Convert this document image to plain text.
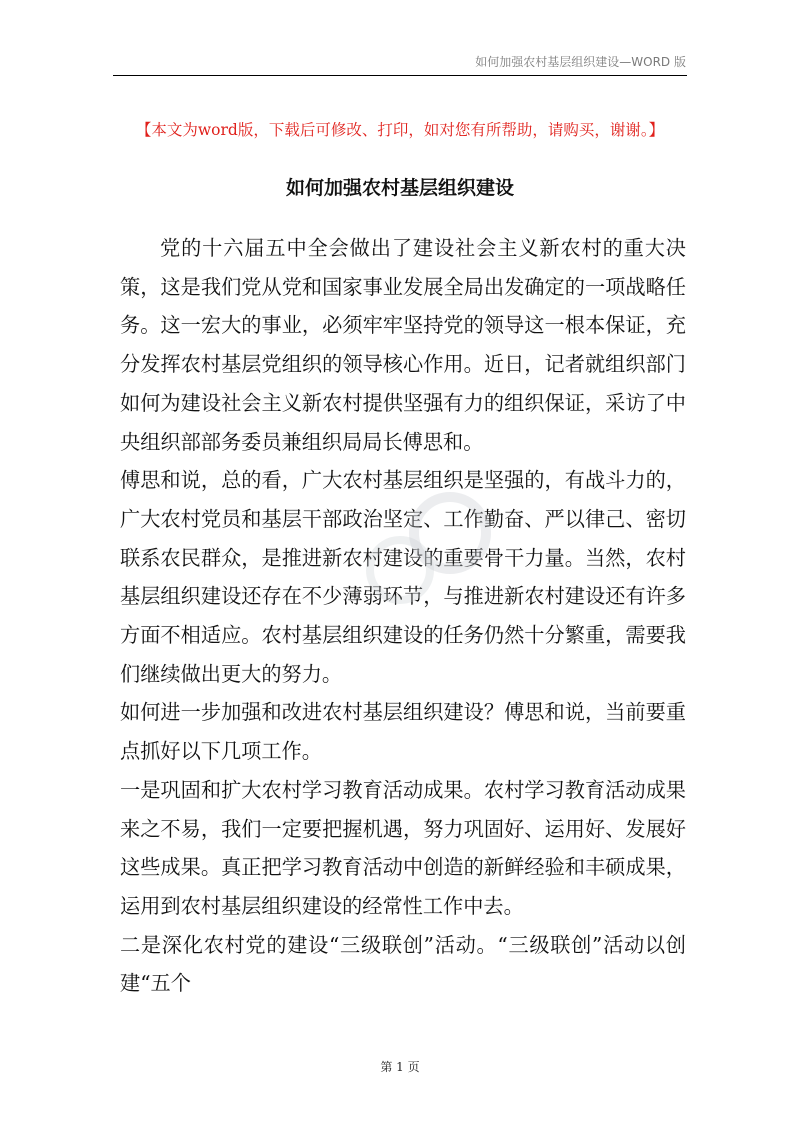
如何加强农村基层组织建设—WORD 版
【本文为word版，下载后可修改、打印，如对您有所帮助，请购买，谢谢。】
如何加强农村基层组织建设

党的十六届五中全会做出了建设社会主义新农村的重大决策，这是我们党从党和国家事业发展全局出发确定的一项战略任务。这一宏大的事业，必须牢牢坚持党的领导这一根本保证，充分发挥农村基层党组织的领导核心作用。近日，记者就组织部门如何为建设社会主义新农村提供坚强有力的组织保证，采访了中央组织部部务委员兼组织局局长傅思和。

傅思和说，总的看，广大农村基层组织是坚强的，有战斗力的，广大农村党员和基层干部政治坚定、工作勤奋、严以律己、密切联系农民群众，是推进新农村建设的重要骨干力量。当然，农村基层组织建设还存在不少薄弱环节，与推进新农村建设还有许多方面不相适应。农村基层组织建设的任务仍然十分繁重，需要我们继续做出更大的努力。

如何进一步加强和改进农村基层组织建设？傅思和说，当前要重点抓好以下几项工作。

一是巩固和扩大农村学习教育活动成果。农村学习教育活动成果来之不易，我们一定要把握机遇，努力巩固好、运用好、发展好这些成果。真正把学习教育活动中创造的新鲜经验和丰硕成果，运用到农村基层组织建设的经常性工作中去。

二是深化农村党的建设“三级联创”活动。“三级联创”活动以创建“五个

第 1 页
